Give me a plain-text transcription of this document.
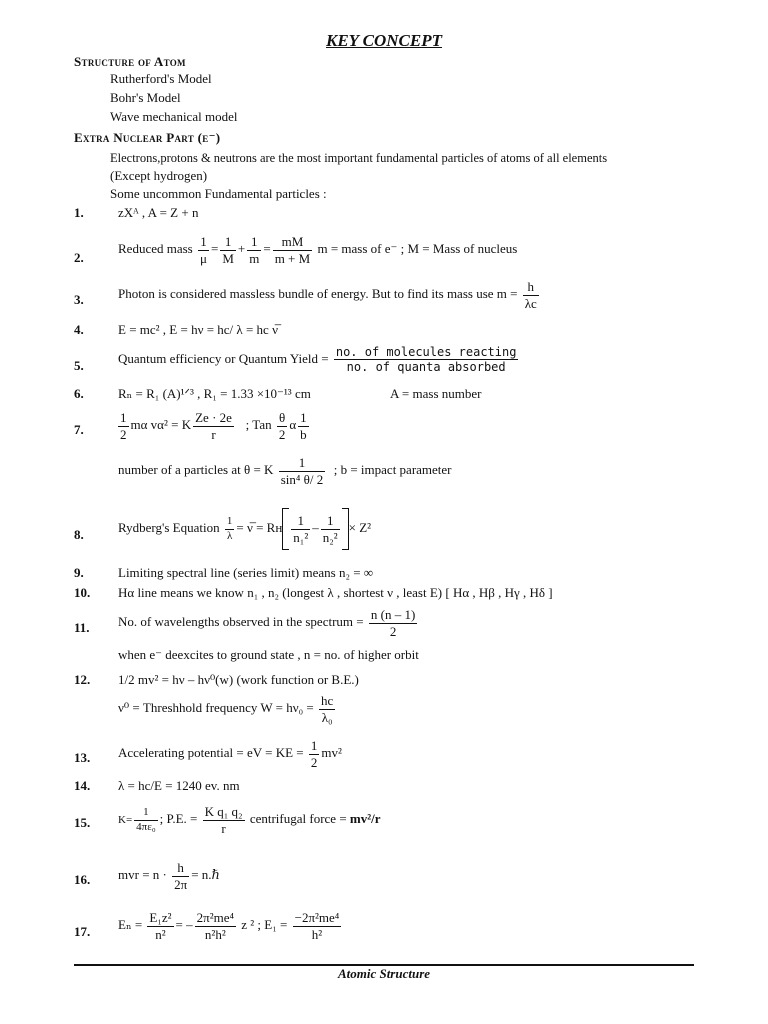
KEY CONCEPT
Structure of Atom
Rutherford's Model
Bohr's Model
Wave mechanical model
Extra Nuclear Part (e⁻)
Electrons,protons & neutrons are the most important fundamental particles of atoms of all elements
(Except hydrogen)
Some uncommon Fundamental particles :
1.	zXᴬ , A = Z + n
2.
Reduced mass $\frac{1}{\mu} = \frac{1}{M} + \frac{1}{m} = \frac{mM}{m + M}$ m = mass of e⁻ ; M = Mass of nucleus
3.	Photon is considered massless bundle of energy. But to find its mass use $m = \frac{h}{\lambda c}$
4.	E = mc² , E = hν = hc/ λ = hc ν̅
5.	Quantum efficiency or Quantum Yield = $\frac{\text{no. of molecules reacting}}{\text{no. of quanta absorbed}}$
6.	Rₙ = R₁ (A)¹ᐟ³ , R₁ = 1.33 ×10⁻¹³ cm	A = mass number
7.	$\frac{1}{2}$ mα vα² = K $\frac{Ze \cdot 2e}{r}$ ; Tan $\frac{\theta}{2}$ α $\frac{1}{b}$
number of a particles at θ = K $\frac{1}{\text{sin⁴ θ/ 2}}$ ; b = impact parameter
8.	Rydberg's Equation $\frac{1}{\lambda}$ = ν̅ = Rʜ $\frac{1}{\text{n₁²}} - \frac{1}{\text{n₂²}} \times Z^2$
9.	Limiting spectral line (series limit) means n₂ = ∞
10. Hα line means we know n₁ , n₂ (longest λ , shortest ν , least E) [ Hα , Hβ , Hγ , Hδ ]
11. No. of wavelengths observed in the spectrum = $\frac{n (n - 1)}{2}$
when e⁻ deexcites to ground state , n = no. of higher orbit
12. 1/2 mv² = hν – hν⁰(w) (work function or B.E.)
ν⁰ = Threshhold frequency $W = h\nu_0 = \frac{hc}{\text{λ₀}}$
13. Accelerating potential = eV = KE = $\frac{1}{2} mv^2$
14. λ = hc/E = 1240 ev. nm
15.	$K= \frac{1}{\text{4πε₀}}$ ; P.E. = $\frac{\text{K q₁ q₂}}{r}$ centrifugal force = mv²/r
16. mvr = $n \cdot \frac{h}{2\pi}$ = n.ℏ
17. $E_n = \frac{\text{E₁z²}}{\text{n²}}$ = – $\frac{\text{2π²me⁴}}{\text{n²h²}}$ z ² ; $E_1 = \frac{\text{−2π²me⁴}}{\text{h²}}$
Atomic Structure
